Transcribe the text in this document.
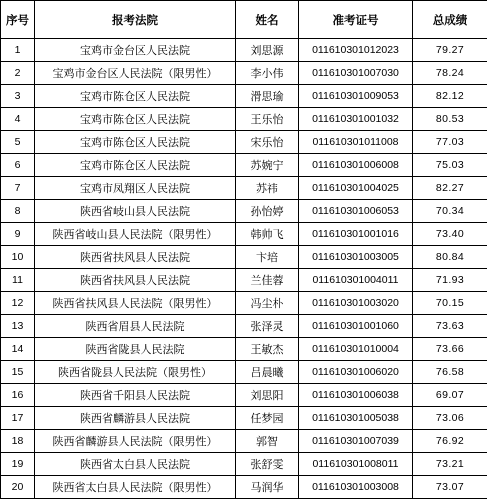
序号	报考法院	姓名	准考证号	总成绩
1	宝鸡市金台区人民法院	刘思源	011610301012023	79.27
2	宝鸡市金台区人民法院（限男性）	李小伟	011610301007030	78.24
3	宝鸡市陈仓区人民法院	滑思瑜	011610301009053	82.12
4	宝鸡市陈仓区人民法院	王乐怡	011610301001032	80.53
5	宝鸡市陈仓区人民法院	宋乐怡	011610301011008	77.03
6	宝鸡市陈仓区人民法院	苏婉宁	011610301006008	75.03
7	宝鸡市凤翔区人民法院	苏祎	011610301004025	82.27
8	陕西省岐山县人民法院	孙怡婷	011610301006053	70.34
9	陕西省岐山县人民法院（限男性）	韩帅飞	011610301001016	73.40
10	陕西省扶风县人民法院	卞培	011610301003005	80.84
11	陕西省扶风县人民法院	兰佳蓉	011610301004011	71.93
12	陕西省扶风县人民法院（限男性）	冯尘朴	011610301003020	70.15
13	陕西省眉县人民法院	张泽灵	011610301001060	73.63
14	陕西省陇县人民法院	王敏杰	011610301010004	73.66
15	陕西省陇县人民法院（限男性）	吕晨曦	011610301006020	76.58
16	陕西省千阳县人民法院	刘思阳	011610301006038	69.07
17	陕西省麟游县人民法院	任梦园	011610301005038	73.06
18	陕西省麟游县人民法院（限男性）	郭智	011610301007039	76.92
19	陕西省太白县人民法院	张舒雯	011610301008011	73.21
20	陕西省太白县人民法院（限男性）	马润华	011610301003008	73.07
